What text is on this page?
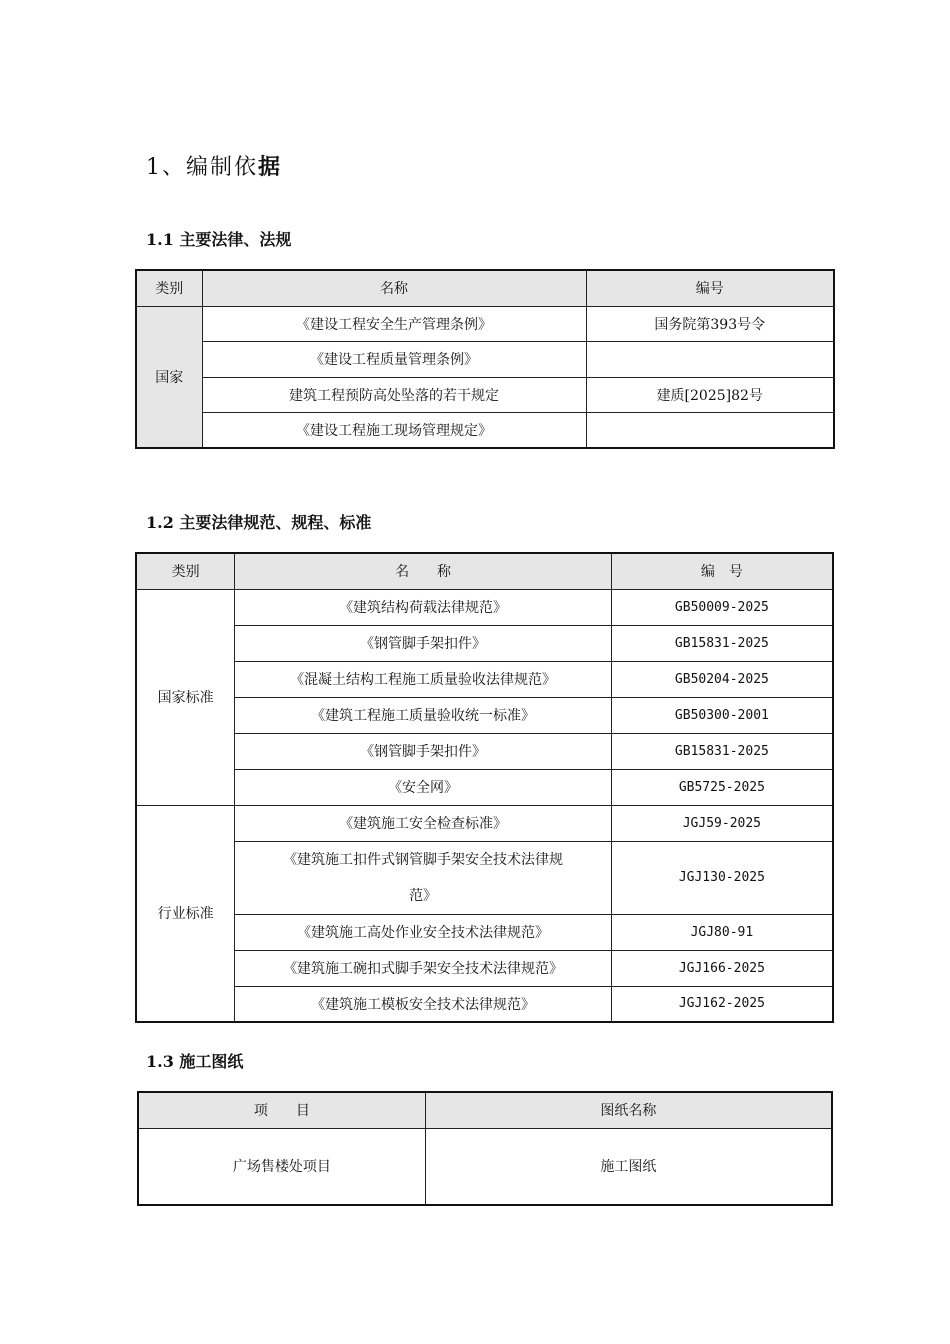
1、编制依据
1.1 主要法律、法规
类别	名称	编号
国家	《建设工程安全生产管理条例》	国务院第393号令
	《建设工程质量管理条例》	
	建筑工程预防高处坠落的若干规定	建质[2025]82号
	《建设工程施工现场管理规定》	
1.2 主要法律规范、规程、标准
类别	名　　称	编　号
国家标准	《建筑结构荷载法律规范》	GB50009-2025
	《钢管脚手架扣件》	GB15831-2025
	《混凝土结构工程施工质量验收法律规范》	GB50204-2025
	《建筑工程施工质量验收统一标准》	GB50300-2001
	《钢管脚手架扣件》	GB15831-2025
	《安全网》	GB5725-2025
行业标准	《建筑施工安全检查标准》	JGJ59-2025
	《建筑施工扣件式钢管脚手架安全技术法律规
范》	JGJ130-2025
	《建筑施工高处作业安全技术法律规范》	JGJ80-91
	《建筑施工碗扣式脚手架安全技术法律规范》	JGJ166-2025
	《建筑施工模板安全技术法律规范》	JGJ162-2025
1.3 施工图纸
项　　目	图纸名称
广场售楼处项目	施工图纸
